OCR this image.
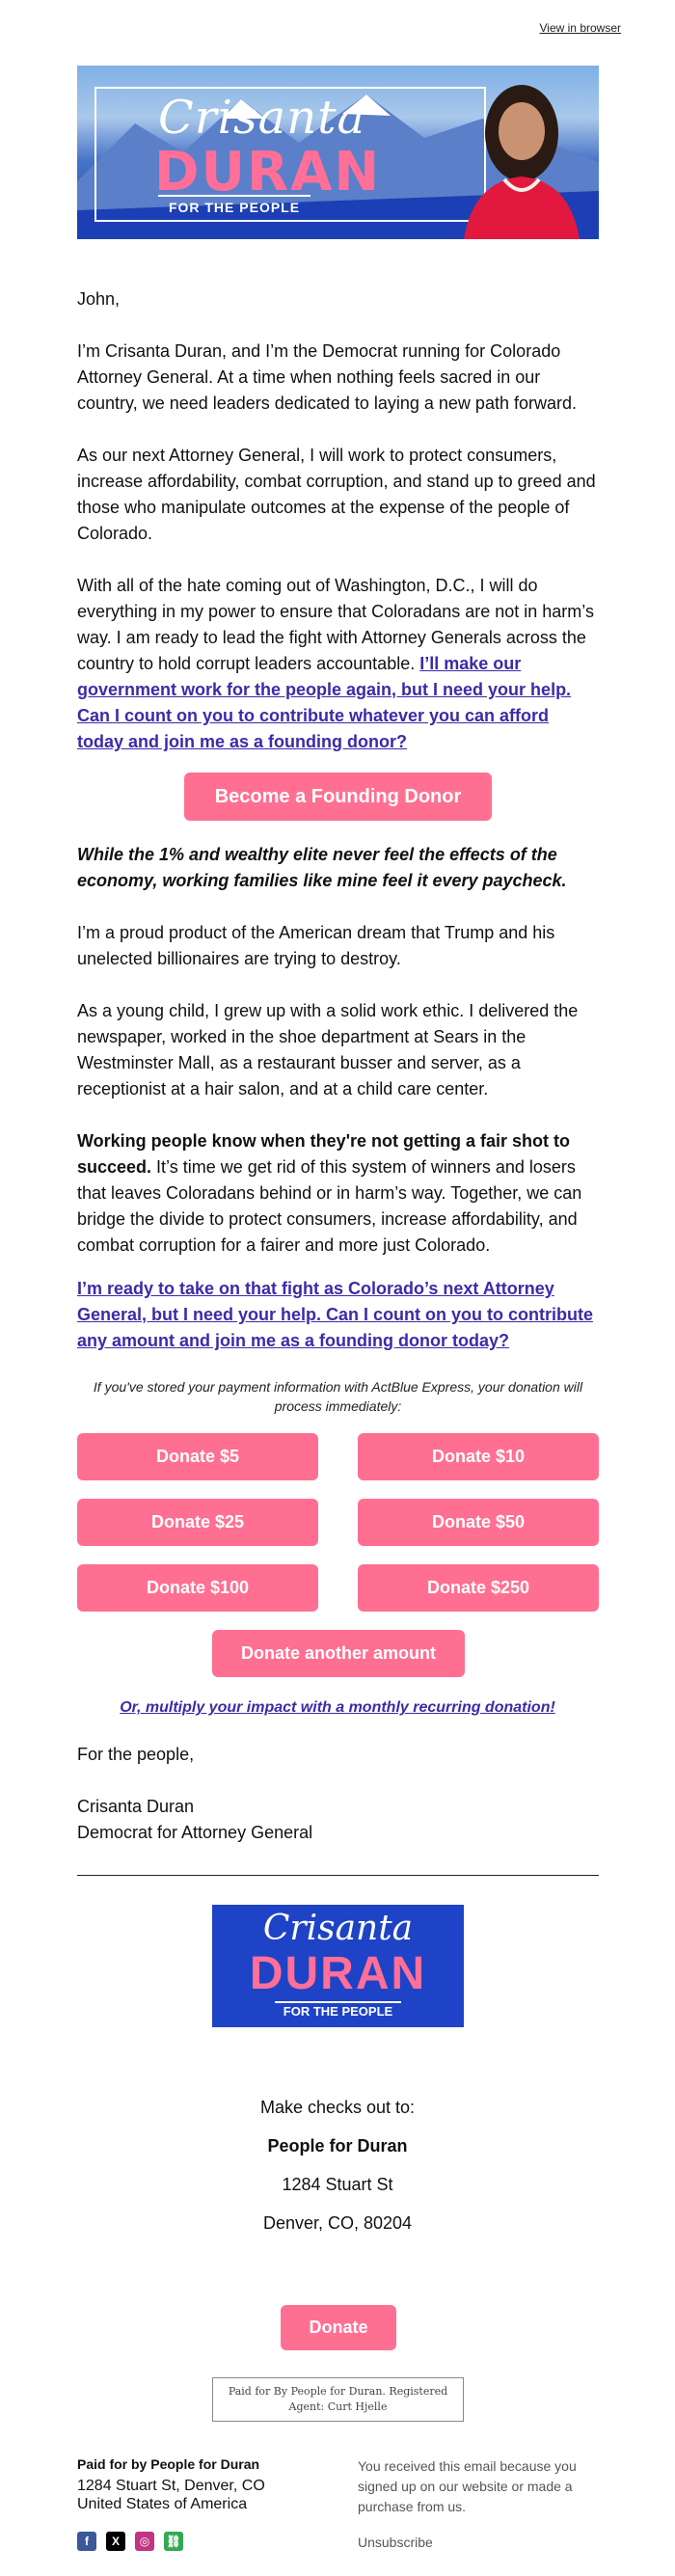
View in browser
Crisanta
DURAN
FOR THE PEOPLE

John,

I’m Crisanta Duran, and I’m the Democrat running for Colorado Attorney General. At a time when nothing feels sacred in our country, we need leaders dedicated to laying a new path forward.

As our next Attorney General, I will work to protect consumers, increase affordability, combat corruption, and stand up to greed and those who manipulate outcomes at the expense of the people of Colorado.

With all of the hate coming out of Washington, D.C., I will do everything in my power to ensure that Coloradans are not in harm’s way. I am ready to lead the fight with Attorney Generals across the country to hold corrupt leaders accountable. I’ll make our government work for the people again, but I need your help. Can I count on you to contribute whatever you can afford today and join me as a founding donor?

Become a Founding Donor

While the 1% and wealthy elite never feel the effects of the economy, working families like mine feel it every paycheck.

I’m a proud product of the American dream that Trump and his unelected billionaires are trying to destroy.

As a young child, I grew up with a solid work ethic. I delivered the newspaper, worked in the shoe department at Sears in the Westminster Mall, as a restaurant busser and server, as a receptionist at a hair salon, and at a child care center.

Working people know when they're not getting a fair shot to succeed. It’s time we get rid of this system of winners and losers that leaves Coloradans behind or in harm’s way. Together, we can bridge the divide to protect consumers, increase affordability, and combat corruption for a fairer and more just Colorado.

I’m ready to take on that fight as Colorado’s next Attorney General, but I need your help. Can I count on you to contribute any amount and join me as a founding donor today?

If you've stored your payment information with ActBlue Express, your donation will process immediately:

Donate $5	Donate $10
Donate $25	Donate $50
Donate $100	Donate $250
Donate another amount
Or, multiply your impact with a monthly recurring donation!

For the people,

Crisanta Duran

Democrat for Attorney General

Crisanta
DURAN
FOR THE PEOPLE
Make checks out to:
People for Duran
1284 Stuart St
Denver, CO, 80204
Donate
Paid for By People for Duran. Registered Agent: Curt Hjelle
Paid for by People for Duran
1284 Stuart St, Denver, CO
United States of America
You received this email because you signed up on our website or made a purchase from us.
Unsubscribe
f	X	◎	⛓
